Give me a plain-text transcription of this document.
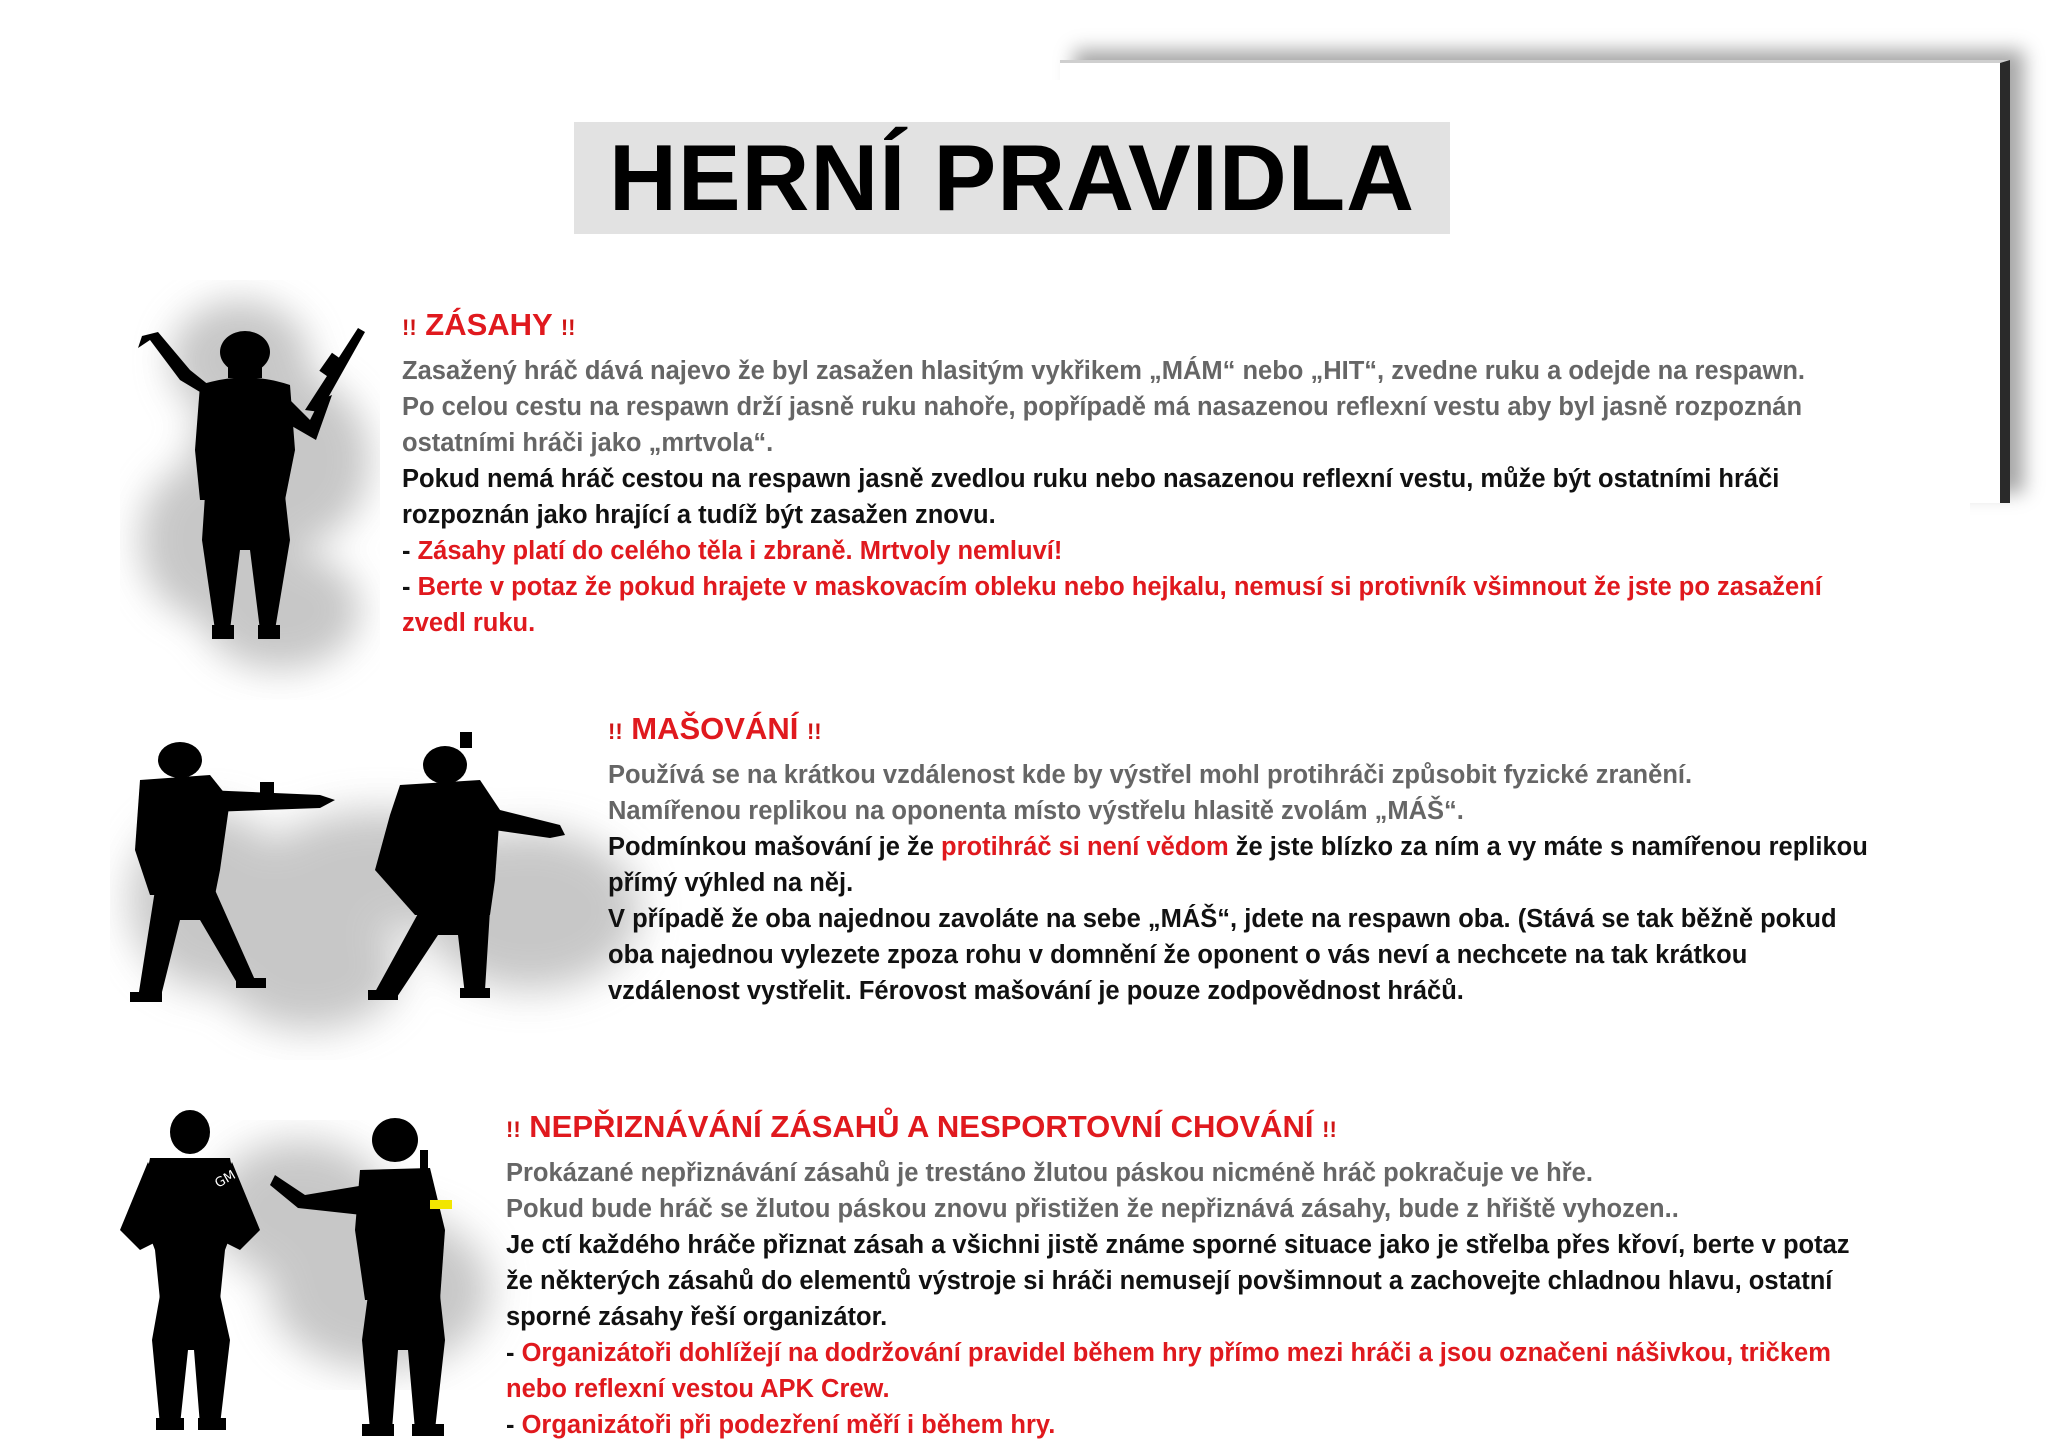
HERNÍ PRAVIDLA
GM
!! ZÁSAHY !!
Zasažený hráč dává najevo že byl zasažen hlasitým vykřikem „MÁM“ nebo „HIT“, zvedne ruku a odejde na respawn.
Po celou cestu na respawn drží jasně ruku nahoře, popřípadě má nasazenou reflexní vestu aby byl jasně rozpoznán
ostatními hráči jako „mrtvola“.
Pokud nemá hráč cestou na respawn jasně zvedlou ruku nebo nasazenou reflexní vestu, může být ostatními hráči
rozpoznán jako hrající a tudíž být zasažen znovu.
- Zásahy platí do celého těla i zbraně. Mrtvoly nemluví!
- Berte v potaz že pokud hrajete v maskovacím obleku nebo hejkalu, nemusí si protivník všimnout že jste po zasažení
zvedl ruku.
!! MAŠOVÁNÍ !!
Používá se na krátkou vzdálenost kde by výstřel mohl protihráči způsobit fyzické zranění.
Namířenou replikou na oponenta místo výstřelu hlasitě zvolám „MÁŠ“.
Podmínkou mašování je že protihráč si není vědom že jste blízko za ním a vy máte s namířenou replikou
přímý výhled na něj.
V případě že oba najednou zavoláte na sebe „MÁŠ“, jdete na respawn oba. (Stává se tak běžně pokud
oba najednou vylezete zpoza rohu v domnění že oponent o vás neví a nechcete na tak krátkou
vzdálenost vystřelit. Férovost mašování je pouze zodpovědnost hráčů.
!! NEPŘIZNÁVÁNÍ ZÁSAHŮ A NESPORTOVNÍ CHOVÁNÍ !!
Prokázané nepřiznávání zásahů je trestáno žlutou páskou nicméně hráč pokračuje ve hře.
Pokud bude hráč se žlutou páskou znovu přistižen že nepřiznává zásahy, bude z hřiště vyhozen..
Je ctí každého hráče přiznat zásah a všichni jistě známe sporné situace jako je střelba přes křoví, berte v potaz
že některých zásahů do elementů výstroje si hráči nemusejí povšimnout a zachovejte chladnou hlavu, ostatní
sporné zásahy řeší organizátor.
- Organizátoři dohlížejí na dodržování pravidel během hry přímo mezi hráči a jsou označeni nášivkou, tričkem
nebo reflexní vestou APK Crew.
- Organizátoři při podezření měří i během hry.
